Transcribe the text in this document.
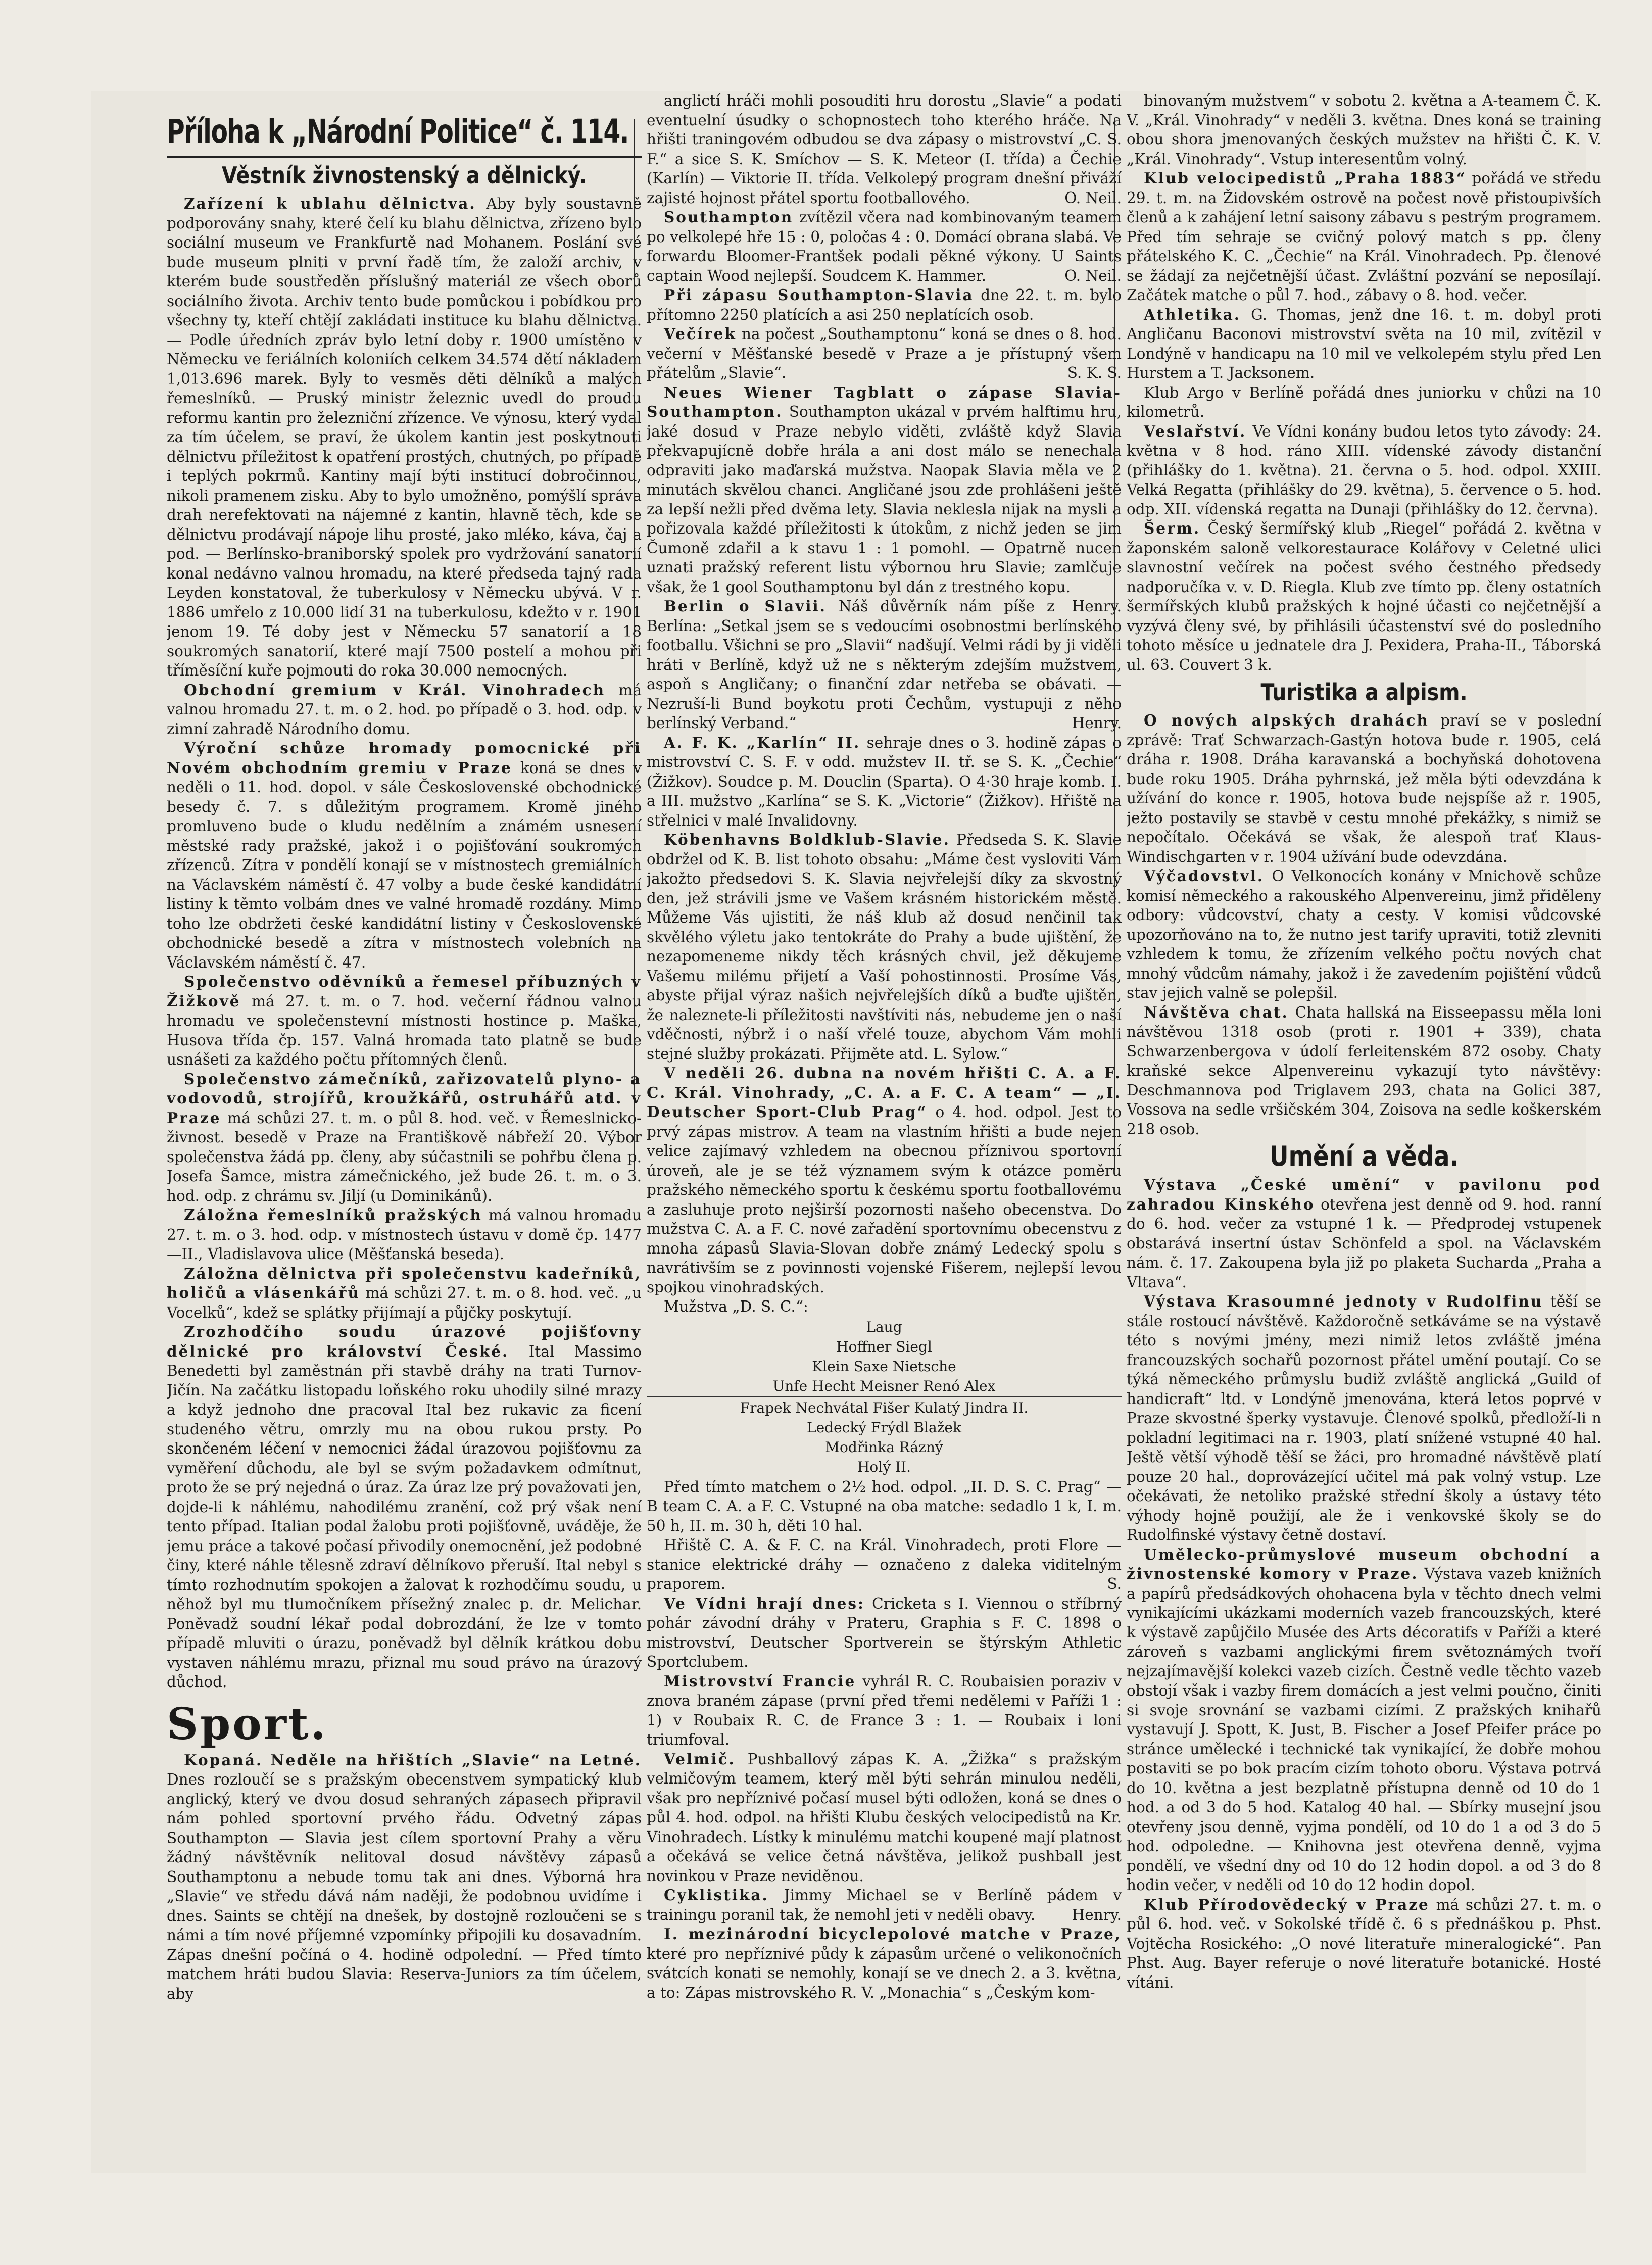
Příloha k „Národní Politice“ č. 114.
Věstník živnostenský a dělnický.

Zařízení k ublahu dělnictva. Aby byly soustavně podporovány snahy, které čelí ku blahu dělnictva, zřízeno bylo sociální museum ve Frankfurtě nad Mohanem. Poslání své bude museum plniti v první řadě tím, že založí archiv, v kterém bude soustředěn příslušný materiál ze všech oborů sociálního života. Archiv tento bude pomůckou i pobídkou pro všechny ty, kteří chtějí zakládati instituce ku blahu dělnictva. — Podle úředních zpráv bylo letní doby r. 1900 umístěno v Německu ve feriálních koloniích celkem 34.574 dětí nákladem 1,013.696 marek. Byly to vesměs děti dělníků a malých řemeslníků. — Pruský ministr železnic uvedl do proudu reformu kantin pro železniční zřízence. Ve výnosu, který vydal za tím účelem, se praví, že úkolem kantin jest poskytnouti dělnictvu příležitost k opatření prostých, chutných, po případě i teplých pokrmů. Kantiny mají býti institucí dobročinnou, nikoli pramenem zisku. Aby to bylo umožněno, pomýšlí správa drah nerefektovati na nájemné z kantin, hlavně těch, kde se dělnictvu prodávají nápoje lihu prosté, jako mléko, káva, čaj a pod. — Berlínsko-braniborský spolek pro vydržování sanatorií konal nedávno valnou hromadu, na které předseda tajný rada Leyden konstatoval, že tuberkulosy v Německu ubývá. V r. 1886 umřelo z 10.000 lidí 31 na tuberkulosu, kdežto v r. 1901 jenom 19. Té doby jest v Německu 57 sanatorií a 18 soukromých sanatorií, které mají 7500 postelí a mohou při tříměsíční kuře pojmouti do roka 30.000 nemocných.

Obchodní gremium v Král. Vinohradech má valnou hromadu 27. t. m. o 2. hod. po případě o 3. hod. odp. v zimní zahradě Národního domu.

Výroční schůze hromady pomocnické při Novém obchodním gremiu v Praze koná se dnes v neděli o 11. hod. dopol. v sále Československé obchodnické besedy č. 7. s důležitým programem. Kromě jiného promluveno bude o kludu nedělním a známém usnesení městské rady pražské, jakož i o pojišťování soukromých zřízenců. Zítra v pondělí konají se v místnostech gremiálních na Václavském náměstí č. 47 volby a bude české kandidátní listiny k těmto volbám dnes ve valné hromadě rozdány. Mimo toho lze obdržeti české kandidátní listiny v Československé obchodnické besedě a zítra v místnostech volebních na Václavském náměstí č. 47.

Společenstvo oděvníků a řemesel příbuzných v Žižkově má 27. t. m. o 7. hod. večerní řádnou valnou hromadu ve společenstevní místnosti hostince p. Maška, Husova třída čp. 157. Valná hromada tato platně se bude usnášeti za každého počtu přítomných členů.

Společenstvo zámečníků, zařizovatelů plyno- a vodovodů, strojířů, kroužkářů, ostruhářů atd. v Praze má schůzi 27. t. m. o půl 8. hod. več. v Řemeslnicko-živnost. besedě v Praze na Františkově nábřeží 20. Výbor společenstva žádá pp. členy, aby súčastnili se pohřbu člena p. Josefa Šamce, mistra zámečnického, jež bude 26. t. m. o 3. hod. odp. z chrámu sv. Jiljí (u Dominikánů).

Záložna řemeslníků pražských má valnou hromadu 27. t. m. o 3. hod. odp. v místnostech ústavu v domě čp. 1477—II., Vladislavova ulice (Měšťanská beseda).

Záložna dělnictva při společenstvu kadeřníků, holičů a vlásenkářů má schůzi 27. t. m. o 8. hod. več. „u Vocelků“, kdež se splátky přijímají a půjčky poskytují.

Zrozhodčího soudu úrazové pojišťovny dělnické pro království České. Ital Massimo Benedetti byl zaměstnán při stavbě dráhy na trati Turnov-Jičín. Na začátku listopadu loňského roku uhodily silné mrazy a když jednoho dne pracoval Ital bez rukavic za ficení studeného větru, omrzly mu na obou rukou prsty. Po skončeném léčení v nemocnici žádal úrazovou pojišťovnu za vyměření důchodu, ale byl se svým požadavkem odmítnut, proto že se prý nejedná o úraz. Za úraz lze prý považovati jen, dojde-li k náhlému, nahodilému zranění, což prý však není tento případ. Italian podal žalobu proti pojišťovně, uváděje, že jemu práce a takové počasí přivodily onemocnění, jež podobné činy, které náhle tělesně zdraví dělníkovo přeruší. Ital nebyl s tímto rozhodnutím spokojen a žalovat k rozhodčímu soudu, u něhož byl mu tlumočníkem přísežný znalec p. dr. Melichar. Poněvadž soudní lékař podal dobrozdání, že lze v tomto případě mluviti o úrazu, poněvadž byl dělník krátkou dobu vystaven náhlému mrazu, přiznal mu soud právo na úrazový důchod.

Sport.

Kopaná. Neděle na hřištích „Slavie“ na Letné. Dnes rozloučí se s pražským obecenstvem sympatický klub anglický, který ve dvou dosud sehraných zápasech připravil nám pohled sportovní prvého řádu. Odvetný zápas Southampton — Slavia jest cílem sportovní Prahy a věru žádný návštěvník nelitoval dosud návštěvy zápasů Southamptonu a nebude tomu tak ani dnes. Výborná hra „Slavie“ ve středu dává nám naději, že podobnou uvidíme i dnes. Saints se chtějí na dnešek, by dostojně rozloučeni se s námi a tím nové příjemné vzpomínky připojili ku dosavadním. Zápas dnešní počíná o 4. hodině odpolední. — Před tímto matchem hráti budou Slavia: Reserva-Juniors za tím účelem, aby

anglictí hráči mohli posouditi hru dorostu „Slavie“ a podati eventuelní úsudky o schopnostech toho kterého hráče. Na hřišti traningovém odbudou se dva zápasy o mistrovství „C. S. F.“ a sice S. K. Smíchov — S. K. Meteor (I. třída) a Čechie (Karlín) — Viktorie II. třída. Velkolepý program dnešní přiváží zajisté hojnost přátel sportu footballového.	O. Neil.

Southampton zvítězil včera nad kombinovaným teamem po velkolepé hře 15 : 0, poločas 4 : 0. Domácí obrana slabá. Ve forwardu Bloomer-Frantšek podali pěkné výkony. U Saints captain Wood nejlepší. Soudcem K. Hammer.	O. Neil.

Při zápasu Southampton-Slavia dne 22. t. m. bylo přítomno 2250 platících a asi 250 neplatících osob.

Večírek na počest „Southamptonu“ koná se dnes o 8. hod. večerní v Měšťanské besedě v Praze a je přístupný všem přátelům „Slavie“.	S. K. S.

Neues Wiener Tagblatt o zápase Slavia-Southampton. Southampton ukázal v prvém halftimu hru, jaké dosud v Praze nebylo viděti, zvláště když Slavia překvapujícně dobře hrála a ani dost málo se nenechala odpraviti jako maďarská mužstva. Naopak Slavia měla ve 2 minutách skvělou chanci. Angličané jsou zde prohlášeni ještě za lepší nežli před dvěma lety. Slavia neklesla nijak na mysli a pořizovala každé příležitosti k útokům, z nichž jeden se jim Čumoně zdařil a k stavu 1 : 1 pomohl. — Opatrně nucen uznati pražský referent listu výbornou hru Slavie; zamlčuje však, že 1 gool Southamptonu byl dán z trestného kopu.
Henry.

Berlin o Slavii. Náš důvěrník nám píše z Berlína: „Setkal jsem se s vedoucími osobnostmi berlínského footballu. Všichni se pro „Slavii“ nadšují. Velmi rádi by ji viděli hráti v Berlíně, když už ne s některým zdejším mužstvem, aspoň s Angličany; o finanční zdar netřeba se obávati. — Nezruší-li Bund boykotu proti Čechům, vystupuji z něho berlínský Verband.“	Henry.

A. F. K. „Karlín“ II. sehraje dnes o 3. hodině zápas o mistrovství C. S. F. v odd. mužstev II. tř. se S. K. „Čechie“ (Žižkov). Soudce p. M. Douclin (Sparta). O 4·30 hraje komb. I. a III. mužstvo „Karlína“ se S. K. „Victorie“ (Žižkov). Hřiště na střelnici v malé Invalidovny.

Köbenhavns Boldklub-Slavie. Předseda S. K. Slavie obdržel od K. B. list tohoto obsahu: „Máme čest vysloviti Vám jakožto předsedovi S. K. Slavia nejvřelejší díky za skvostný den, jež strávili jsme ve Vašem krásném historickém městě. Můžeme Vás ujistiti, že náš klub až dosud nenčinil tak skvělého výletu jako tentokráte do Prahy a bude ujištění, že nezapomeneme nikdy těch krásných chvil, jež děkujeme Vašemu milému přijetí a Vaší pohostinnosti. Prosíme Vás, abyste přijal výraz našich nejvřelejších díků a buďte ujištěn, že naleznete-li příležitosti navštíviti nás, nebudeme jen o naší vděčnosti, nýbrž i o naší vřelé touze, abychom Vám mohli stejné služby prokázati. Přijměte atd. L. Sylow.“

V neděli 26. dubna na novém hřišti C. A. a F. C. Král. Vinohrady, „C. A. a F. C. A team“ — „I. Deutscher Sport-Club Prag“ o 4. hod. odpol. Jest to prvý zápas mistrov. A team na vlastním hřišti a bude nejen velice zajímavý vzhledem na obecnou příznivou sportovní úroveň, ale je se též významem svým k otázce poměru pražského německého sportu k českému sportu footballovému a zasluhuje proto nejširší pozornosti našeho obecenstva. Do mužstva C. A. a F. C. nové zařadění sportovnímu obecenstvu z mnoha zápasů Slavia-Slovan dobře známý Ledecký spolu s navrátivším se z povinnosti vojenské Fišerem, nejlepší levou spojkou vinohradských.

Mužstva „D. S. C.“:

Laug
Hoffner Siegl
Klein Saxe Nietsche
Unfe Hecht Meisner Renó Alex
Frapek Nechvátal Fišer Kulatý Jindra II.
Ledecký Frýdl Blažek
Modřinka Rázný
Holý II.

Před tímto matchem o 2½ hod. odpol. „II. D. S. C. Prag“ — B team C. A. a F. C. Vstupné na oba matche: sedadlo 1 k, I. m. 50 h, II. m. 30 h, děti 10 hal.

Hřiště C. A. & F. C. na Král. Vinohradech, proti Flore — stanice elektrické dráhy — označeno z daleka viditelným praporem.	S.

Ve Vídni hrají dnes: Cricketa s I. Viennou o stříbrný pohár závodní dráhy v Prateru, Graphia s F. C. 1898 o mistrovství, Deutscher Sportverein se štýrským Athletic Sportclubem.

Mistrovství Francie vyhrál R. C. Roubaisien poraziv v znova braném zápase (první před třemi nedělemi v Paříži 1 : 1) v Roubaix R. C. de France 3 : 1. — Roubaix i loni triumfoval.

Velmič. Pushballový zápas K. A. „Žižka“ s pražským velmičovým teamem, který měl býti sehrán minulou neděli, však pro nepříznivé počasí musel býti odložen, koná se dnes o půl 4. hod. odpol. na hřišti Klubu českých velocipedistů na Kr. Vinohradech. Lístky k minulému matchi koupené mají platnost a očekává se velice četná návštěva, jelikož pushball jest novinkou v Praze neviděnou.

Cyklistika. Jimmy Michael se v Berlíně pádem v trainingu poranil tak, že nemohl jeti v neděli obavy.	Henry.

I. mezinárodní bicyclepolové matche v Praze, které pro nepříznivé půdy k zápasům určené o velikonočních svátcích konati se nemohly, konají se ve dnech 2. a 3. května, a to: Zápas mistrovského R. V. „Monachia“ s „Českým kom-

binovaným mužstvem“ v sobotu 2. května a A-teamem Č. K. V. „Král. Vinohrady“ v neděli 3. května. Dnes koná se training obou shora jmenovaných českých mužstev na hřišti Č. K. V. „Král. Vinohrady“. Vstup interesentům volný.

Klub velocipedistů „Praha 1883“ pořádá ve středu 29. t. m. na Židovském ostrově na počest nově přistoupivších členů a k zahájení letní saisony zábavu s pestrým programem. Před tím sehraje se cvičný polový match s pp. členy přátelského K. C. „Čechie“ na Král. Vinohradech. Pp. členové se žádají za nejčetnější účast. Zvláštní pozvání se neposílají. Začátek matche o půl 7. hod., zábavy o 8. hod. večer.

Athletika. G. Thomas, jenž dne 16. t. m. dobyl proti Angličanu Baconovi mistrovství světa na 10 mil, zvítězil v Londýně v handicapu na 10 mil ve velkolepém stylu před Len Hurstem a T. Jacksonem.

Klub Argo v Berlíně pořádá dnes juniorku v chůzi na 10 kilometrů.

Veslařství. Ve Vídni konány budou letos tyto závody: 24. května v 8 hod. ráno XIII. vídenské závody distanční (přihlášky do 1. května). 21. června o 5. hod. odpol. XXIII. Velká Regatta (přihlášky do 29. května), 5. července o 5. hod. odp. XII. vídenská regatta na Dunaji (přihlášky do 12. června).

Šerm. Český šermířský klub „Riegel“ pořádá 2. května v žaponském saloně velkorestaurace Kolářovy v Celetné ulici slavnostní večírek na počest svého čestného předsedy nadporučíka v. v. D. Riegla. Klub zve tímto pp. členy ostatních šermířských klubů pražských k hojné účasti co nejčetnější a vyzývá členy své, by přihlásili účastenství své do posledního tohoto měsíce u jednatele dra J. Pexidera, Praha-II., Táborská ul. 63. Couvert 3 k.

Turistika a alpism.

O nových alpských drahách praví se v poslední zprávě: Trať Schwarzach-Gastýn hotova bude r. 1905, celá dráha r. 1908. Dráha karavanská a bochyňská dohotovena bude roku 1905. Dráha pyhrnská, jež měla býti odevzdána k užívání do konce r. 1905, hotova bude nejspíše až r. 1905, ježto postavily se stavbě v cestu mnohé překážky, s nimiž se nepočítalo. Očekává se však, že alespoň trať Klaus-Windischgarten v r. 1904 užívání bude odevzdána.

Výčadovstvl. O Velkonocích konány v Mnichově schůze komisí německého a rakouského Alpenvereinu, jimž přiděleny odbory: vůdcovství, chaty a cesty. V komisi vůdcovské upozorňováno na to, že nutno jest tarify upraviti, totiž zlevniti vzhledem k tomu, že zřízením velkého počtu nových chat mnohý vůdcům námahy, jakož i že zavedením pojištění vůdců stav jejich valně se polepšil.

Návštěva chat. Chata hallská na Eisseepassu měla loni návštěvou 1318 osob (proti r. 1901 + 339), chata Schwarzenbergova v údolí ferleitenském 872 osoby. Chaty kraňské sekce Alpenvereinu vykazují tyto návštěvy: Deschmannova pod Triglavem 293, chata na Golici 387, Vossova na sedle vršičském 304, Zoisova na sedle koškerském 218 osob.

Umění a věda.

Výstava „České umění“ v pavilonu pod zahradou Kinského otevřena jest denně od 9. hod. ranní do 6. hod. večer za vstupné 1 k. — Předprodej vstupenek obstarává insertní ústav Schönfeld a spol. na Václavském nám. č. 17. Zakoupena byla již po plaketa Sucharda „Praha a Vltava“.

Výstava Krasoumné jednoty v Rudolfinu těší se stále rostoucí návštěvě. Každoročně setkáváme se na výstavě této s novými jmény, mezi nimiž letos zvláště jména francouzských sochařů pozornost přátel umění poutají. Co se týká německého průmyslu budiž zvláště anglická „Guild of handicraft“ ltd. v Londýně jmenována, která letos poprvé v Praze skvostné šperky vystavuje. Členové spolků, předloží-li n pokladní legitimaci na r. 1903, platí snížené vstupné 40 hal. Ještě větší výhodě těší se žáci, pro hromadné návštěvě platí pouze 20 hal., doprovázející učitel má pak volný vstup. Lze očekávati, že netoliko pražské střední školy a ústavy této výhody hojně použijí, ale že i venkovské školy se do Rudolfinské výstavy četně dostaví.

Umělecko-průmyslové museum obchodní a živnostenské komory v Praze. Výstava vazeb knižních a papírů předsádkových ohohacena byla v těchto dnech velmi vynikajícími ukázkami moderních vazeb francouzských, které k výstavě zapůjčilo Musée des Arts décoratifs v Paříži a které zároveň s vazbami anglickými firem světoznámých tvoří nejzajímavější kolekci vazeb cizích. Čestně vedle těchto vazeb obstojí však i vazby firem domácích a jest velmi poučno, činiti si svoje srovnání se vazbami cizími. Z pražských knihařů vystavují J. Spott, K. Just, B. Fischer a Josef Pfeifer práce po stránce umělecké i technické tak vynikající, že dobře mohou postaviti se po bok pracím cizím tohoto oboru. Výstava potrvá do 10. května a jest bezplatně přístupna denně od 10 do 1 hod. a od 3 do 5 hod. Katalog 40 hal. — Sbírky musejní jsou otevřeny jsou denně, vyjma pondělí, od 10 do 1 a od 3 do 5 hod. odpoledne. — Knihovna jest otevřena denně, vyjma pondělí, ve všední dny od 10 do 12 hodin dopol. a od 3 do 8 hodin večer, v neděli od 10 do 12 hodin dopol.

Klub Přírodovědecký v Praze má schůzi 27. t. m. o půl 6. hod. več. v Sokolské třídě č. 6 s přednáškou p. Phst. Vojtěcha Rosického: „O nové literatuře mineralogické“. Pan Phst. Aug. Bayer referuje o nové literatuře botanické. Hosté vítáni.
